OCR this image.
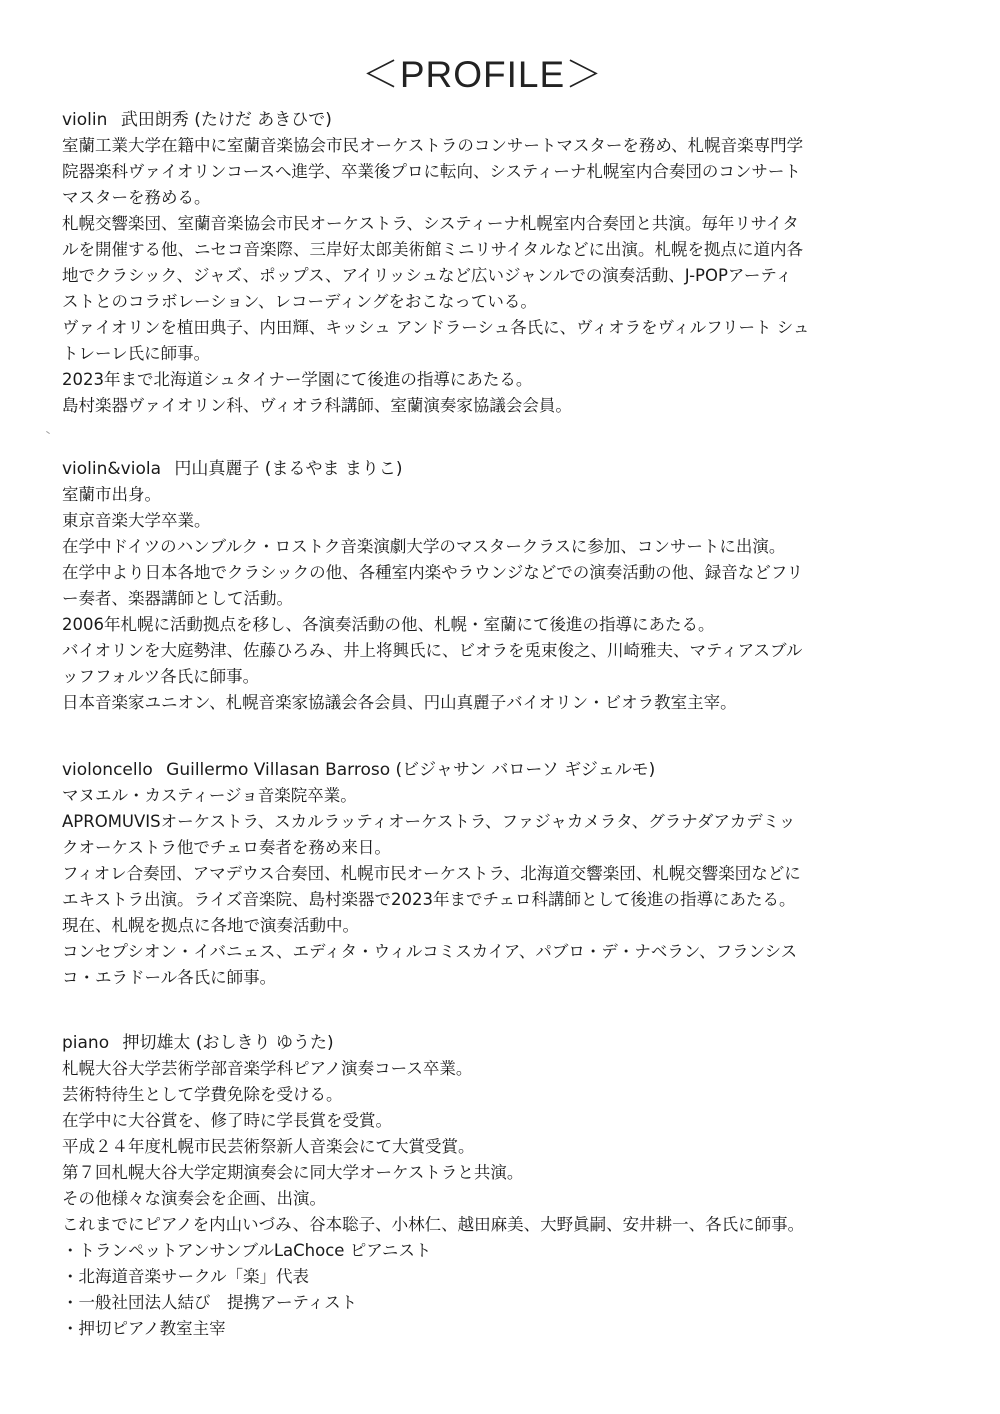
＜PROFILE＞

violin 武田朗秀 (たけだ あきひで)

室蘭工業大学在籍中に室蘭音楽協会市民オーケストラのコンサートマスターを務め、札幌音楽専門学

院器楽科ヴァイオリンコースへ進学、卒業後プロに転向、システィーナ札幌室内合奏団のコンサート

マスターを務める。

札幌交響楽団、室蘭音楽協会市民オーケストラ、システィーナ札幌室内合奏団と共演。毎年リサイタ

ルを開催する他、ニセコ音楽際、三岸好太郎美術館ミニリサイタルなどに出演。札幌を拠点に道内各

地でクラシック、ジャズ、ポップス、アイリッシュなど広いジャンルでの演奏活動、J-POPアーティ

ストとのコラボレーション、レコーディングをおこなっている。

ヴァイオリンを植田典子、内田輝、キッシュ アンドラーシュ各氏に、ヴィオラをヴィルフリート シュ

トレーレ氏に師事。

2023年まで北海道シュタイナー学園にて後進の指導にあたる。

島村楽器ヴァイオリン科、ヴィオラ科講師、室蘭演奏家協議会会員。

violin&viola 円山真麗子 (まるやま まりこ)

室蘭市出身。

東京音楽大学卒業。

在学中ドイツのハンブルク・ロストク音楽演劇大学のマスタークラスに参加、コンサートに出演。

在学中より日本各地でクラシックの他、各種室内楽やラウンジなどでの演奏活動の他、録音などフリ

ー奏者、楽器講師として活動。

2006年札幌に活動拠点を移し、各演奏活動の他、札幌・室蘭にて後進の指導にあたる。

バイオリンを大庭勢津、佐藤ひろみ、井上将興氏に、ビオラを兎束俊之、川崎雅夫、マティアスブル

ッフフォルツ各氏に師事。

日本音楽家ユニオン、札幌音楽家協議会各会員、円山真麗子バイオリン・ビオラ教室主宰。

violoncello Guillermo Villasan Barroso (ビジャサン バローソ ギジェルモ)

マヌエル・カスティージョ音楽院卒業。

APROMUVISオーケストラ、スカルラッティオーケストラ、ファジャカメラタ、グラナダアカデミッ

クオーケストラ他でチェロ奏者を務め来日。

フィオレ合奏団、アマデウス合奏団、札幌市民オーケストラ、北海道交響楽団、札幌交響楽団などに

エキストラ出演。ライズ音楽院、島村楽器で2023年までチェロ科講師として後進の指導にあたる。

現在、札幌を拠点に各地で演奏活動中。

コンセプシオン・イバニェス、エディタ・ウィルコミスカイア、パブロ・デ・ナベラン、フランシス

コ・エラドール各氏に師事。

piano 押切雄太 (おしきり ゆうた)

札幌大谷大学芸術学部音楽学科ピアノ演奏コース卒業。

芸術特待生として学費免除を受ける。

在学中に大谷賞を、修了時に学長賞を受賞。

平成２４年度札幌市民芸術祭新人音楽会にて大賞受賞。

第７回札幌大谷大学定期演奏会に同大学オーケストラと共演。

その他様々な演奏会を企画、出演。

これまでにピアノを内山いづみ、谷本聡子、小林仁、越田麻美、大野眞嗣、安井耕一、各氏に師事。

・トランペットアンサンブルLaChoce ピアニスト

・北海道音楽サークル「楽」代表

・一般社団法人結び　提携アーティスト

・押切ピアノ教室主宰
